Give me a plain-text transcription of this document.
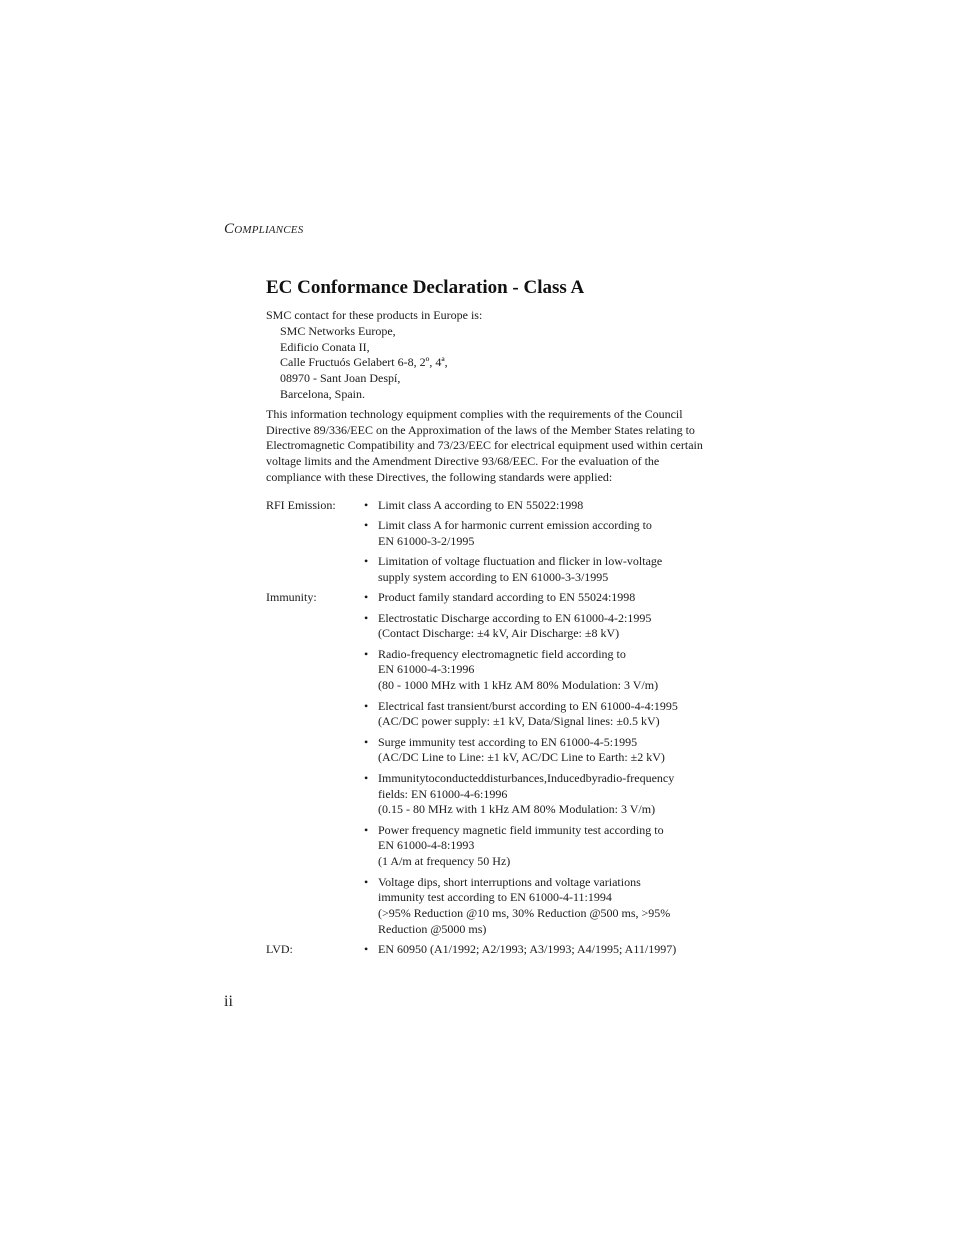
Compliances
EC Conformance Declaration - Class A

SMC contact for these products in Europe is:

SMC Networks Europe,
Edificio Conata II,
Calle Fructuós Gelabert 6-8, 2º, 4ª,
08970 - Sant Joan Despí,
Barcelona, Spain.

This information technology equipment complies with the requirements of the Council Directive 89/336/EEC on the Approximation of the laws of the Member States relating to Electromagnetic Compatibility and 73/23/EEC for electrical equipment used within certain voltage limits and the Amendment Directive 93/68/EEC. For the evaluation of the compliance with these Directives, the following standards were applied:

RFI Emission:	• Limit class A according to EN 55022:1998
• Limit class A for harmonic current emission according to
EN 61000-3-2/1995
• Limitation of voltage fluctuation and flicker in low-voltage
supply system according to EN 61000-3-3/1995
Immunity:	• Product family standard according to EN 55024:1998
• Electrostatic Discharge according to EN 61000-4-2:1995
(Contact Discharge: ±4 kV, Air Discharge: ±8 kV)
• Radio-frequency electromagnetic field according to
EN 61000-4-3:1996
(80 - 1000 MHz with 1 kHz AM 80% Modulation: 3 V/m)
• Electrical fast transient/burst according to EN 61000-4-4:1995
(AC/DC power supply: ±1 kV, Data/Signal lines: ±0.5 kV)
• Surge immunity test according to EN 61000-4-5:1995
(AC/DC Line to Line: ±1 kV, AC/DC Line to Earth: ±2 kV)
• Immunitytoconducteddisturbances,Inducedbyradio-frequency
fields: EN 61000-4-6:1996
(0.15 - 80 MHz with 1 kHz AM 80% Modulation: 3 V/m)
• Power frequency magnetic field immunity test according to
EN 61000-4-8:1993
(1 A/m at frequency 50 Hz)
• Voltage dips, short interruptions and voltage variations
immunity test according to EN 61000-4-11:1994
(>95% Reduction @10 ms, 30% Reduction @500 ms, >95%
Reduction @5000 ms)
LVD:	• EN 60950 (A1/1992; A2/1993; A3/1993; A4/1995; A11/1997)
ii
